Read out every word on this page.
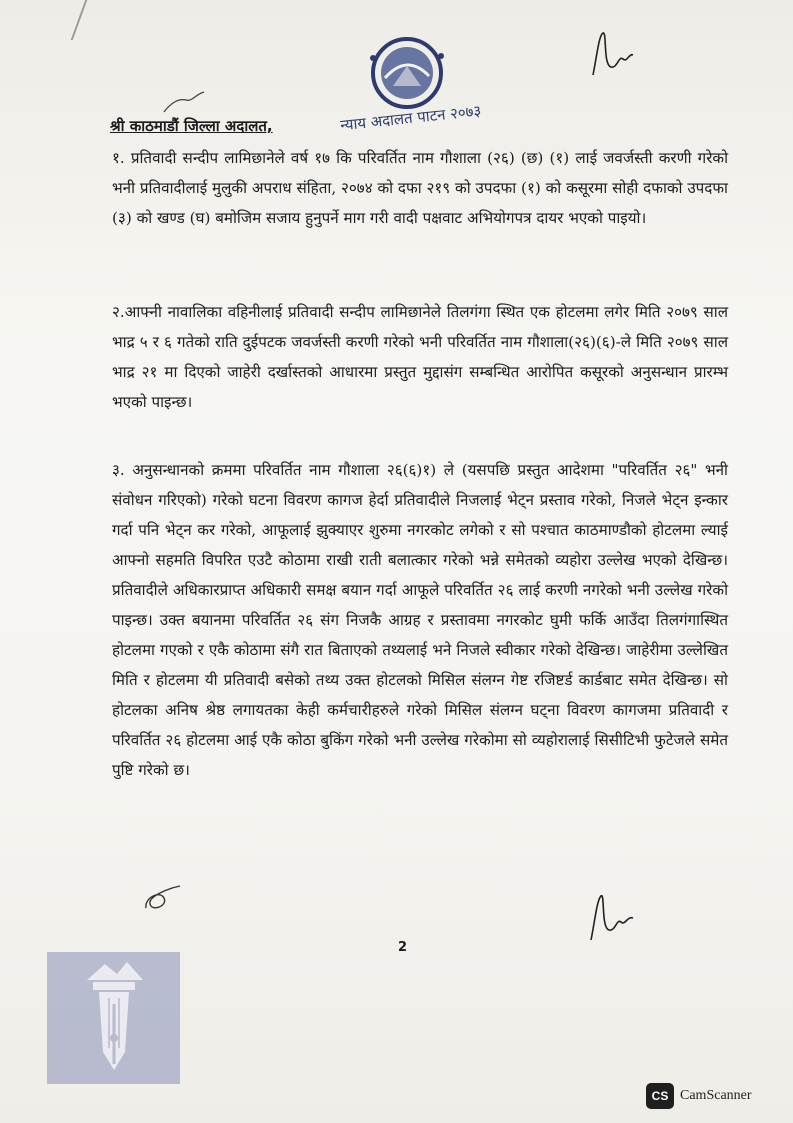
न्याय अदालत पाटन २०७३
श्री काठमाडौं जिल्ला अदालत,
१. प्रतिवादी सन्दीप लामिछानेले वर्ष १७ कि परिवर्तित नाम गौशाला (२६) (छ) (१) लाई जवर्जस्ती करणी गरेको भनी प्रतिवादीलाई मुलुकी अपराध संहिता, २०७४ को दफा २१९ को उपदफा (१) को कसूरमा सोही दफाको उपदफा (३) को खण्ड (घ) बमोजिम सजाय हुनुपर्ने माग गरी वादी पक्षवाट अभियोगपत्र दायर भएको पाइयो।
२.आफ्नी नावालिका वहिनीलाई प्रतिवादी सन्दीप लामिछानेले तिलगंगा स्थित एक होटलमा लगेर मिति २०७९ साल भाद्र ५ र ६ गतेको राति दुईपटक जवर्जस्ती करणी गरेको भनी परिवर्तित नाम गौशाला(२६)(६)-ले मिति २०७९ साल भाद्र २१ मा दिएको जाहेरी दर्खास्तको आधारमा प्रस्तुत मुद्दासंग सम्बन्धित आरोपित कसूरको अनुसन्धान प्रारम्भ भएको पाइन्छ।
३. अनुसन्धानको क्रममा परिवर्तित नाम गौशाला २६(६)१) ले (यसपछि प्रस्तुत आदेशमा "परिवर्तित २६" भनी संवोधन गरिएको) गरेको घटना विवरण कागज हेर्दा प्रतिवादीले निजलाई भेट्न प्रस्ताव गरेको, निजले भेट्न इन्कार गर्दा पनि भेट्न कर गरेको, आफूलाई झुक्याएर शुरुमा नगरकोट लगेको र सो पश्चात काठमाण्डौको होटलमा ल्याई आफ्नो सहमति विपरित एउटै कोठामा राखी राती बलात्कार गरेको भन्ने समेतको व्यहोरा उल्लेख भएको देखिन्छ। प्रतिवादीले अधिकारप्राप्त अधिकारी समक्ष बयान गर्दा आफूले परिवर्तित २६ लाई करणी नगरेको भनी उल्लेख गरेको पाइन्छ। उक्त बयानमा परिवर्तित २६ संग निजकै आग्रह र प्रस्तावमा नगरकोट घुमी फर्कि आउँदा तिलगंगास्थित होटलमा गएको र एकै कोठामा संगै रात बिताएको तथ्यलाई भने निजले स्वीकार गरेको देखिन्छ। जाहेरीमा उल्लेखित मिति र होटलमा यी प्रतिवादी बसेको तथ्य उक्त होटलको मिसिल संलग्न गेष्ट रजिष्टर्ड कार्डबाट समेत देखिन्छ। सो होटलका अनिष श्रेष्ठ लगायतका केही कर्मचारीहरुले गरेको मिसिल संलग्न घट्ना विवरण कागजमा प्रतिवादी र परिवर्तित २६ होटलमा आई एकै कोठा बुकिंग गरेको भनी उल्लेख गरेकोमा सो व्यहोरालाई सिसीटिभी फुटेजले समेत पुष्टि गरेको छ।
2
CS CamScanner
